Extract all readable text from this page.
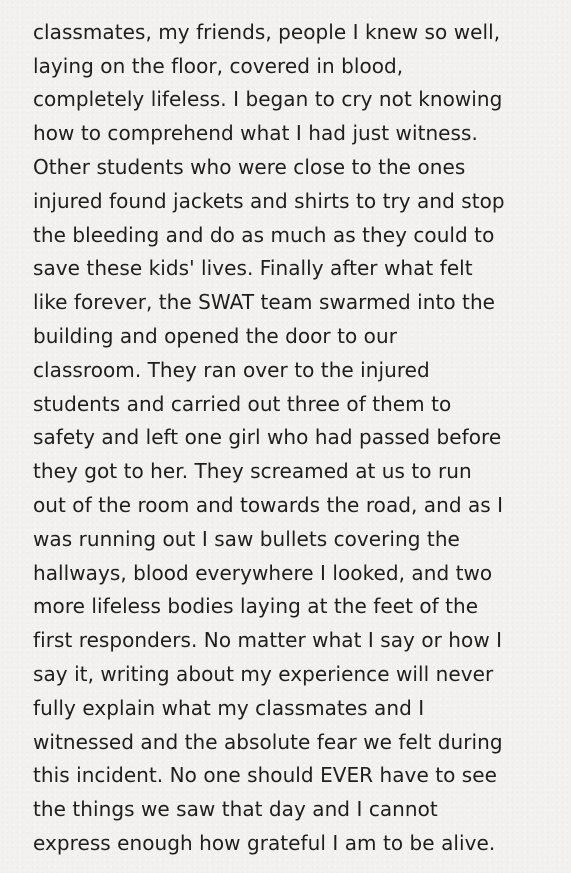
classmates, my friends, people I knew so well,
laying on the floor, covered in blood,
completely lifeless. I began to cry not knowing
how to comprehend what I had just witness.
Other students who were close to the ones
injured found jackets and shirts to try and stop
the bleeding and do as much as they could to
save these kids' lives. Finally after what felt
like forever, the SWAT team swarmed into the
building and opened the door to our
classroom. They ran over to the injured
students and carried out three of them to
safety and left one girl who had passed before
they got to her. They screamed at us to run
out of the room and towards the road, and as I
was running out I saw bullets covering the
hallways, blood everywhere I looked, and two
more lifeless bodies laying at the feet of the
first responders. No matter what I say or how I
say it, writing about my experience will never
fully explain what my classmates and I
witnessed and the absolute fear we felt during
this incident. No one should EVER have to see
the things we saw that day and I cannot
express enough how grateful I am to be alive.
